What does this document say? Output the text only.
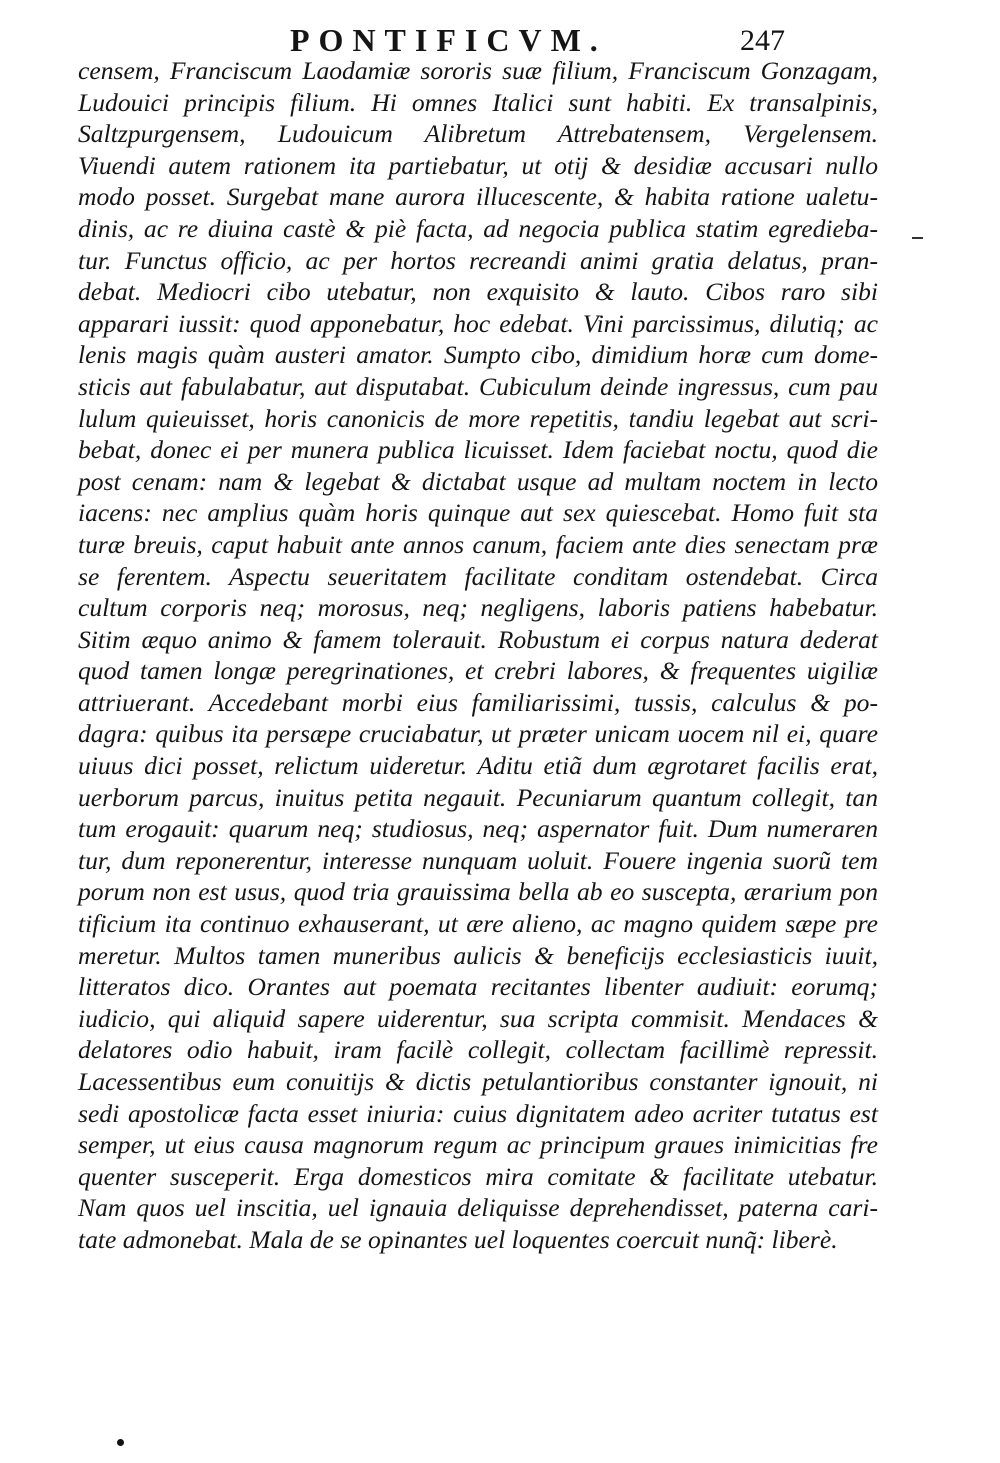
PONTIFICVM.	247
censem, Franciscum Laodamiæ sororis suæ filium, Franciscum Gonzagam,
Ludouici principis filium. Hi omnes Italici sunt habiti. Ex transalpinis,
Saltzpurgensem, Ludouicum Alibretum Attrebatensem, Vergelensem.
Viuendi autem rationem ita partiebatur, ut otij & desidiæ accusari nullo
modo posset. Surgebat mane aurora illucescente, & habita ratione ualetu-
dinis, ac re diuina castè & piè facta, ad negocia publica statim egredieba-
tur. Functus officio, ac per hortos recreandi animi gratia delatus, pran-
debat. Mediocri cibo utebatur, non exquisito & lauto. Cibos raro sibi
apparari iussit: quod apponebatur, hoc edebat. Vini parcissimus, dilutiq; ac
lenis magis quàm austeri amator. Sumpto cibo, dimidium horæ cum dome-
sticis aut fabulabatur, aut disputabat. Cubiculum deinde ingressus, cum pau
lulum quieuisset, horis canonicis de more repetitis, tandiu legebat aut scri-
bebat, donec ei per munera publica licuisset. Idem faciebat noctu, quod die
post cenam: nam & legebat & dictabat usque ad multam noctem in lecto
iacens: nec amplius quàm horis quinque aut sex quiescebat. Homo fuit sta
turæ breuis, caput habuit ante annos canum, faciem ante dies senectam præ
se ferentem. Aspectu seueritatem facilitate conditam ostendebat. Circa
cultum corporis neq; morosus, neq; negligens, laboris patiens habebatur.
Sitim æquo animo & famem tolerauit. Robustum ei corpus natura dederat
quod tamen longæ peregrinationes, et crebri labores, & frequentes uigiliæ
attriuerant. Accedebant morbi eius familiarissimi, tussis, calculus & po-
dagra: quibus ita persæpe cruciabatur, ut præter unicam uocem nil ei, quare
uiuus dici posset, relictum uideretur. Aditu etiã dum ægrotaret facilis erat,
uerborum parcus, inuitus petita negauit. Pecuniarum quantum collegit, tan
tum erogauit: quarum neq; studiosus, neq; aspernator fuit. Dum numeraren
tur, dum reponerentur, interesse nunquam uoluit. Fouere ingenia suorũ tem
porum non est usus, quod tria grauissima bella ab eo suscepta, ærarium pon
tificium ita continuo exhauserant, ut ære alieno, ac magno quidem sæpe pre
meretur. Multos tamen muneribus aulicis & beneficijs ecclesiasticis iuuit,
litteratos dico. Orantes aut poemata recitantes libenter audiuit: eorumq;
iudicio, qui aliquid sapere uiderentur, sua scripta commisit. Mendaces &
delatores odio habuit, iram facilè collegit, collectam facillimè repressit.
Lacessentibus eum conuitijs & dictis petulantioribus constanter ignouit, ni
sedi apostolicæ facta esset iniuria: cuius dignitatem adeo acriter tutatus est
semper, ut eius causa magnorum regum ac principum graues inimicitias fre
quenter susceperit. Erga domesticos mira comitate & facilitate utebatur.
Nam quos uel inscitia, uel ignauia deliquisse deprehendisset, paterna cari-
tate admonebat. Mala de se opinantes uel loquentes coercuit nunq̃: liberè.
